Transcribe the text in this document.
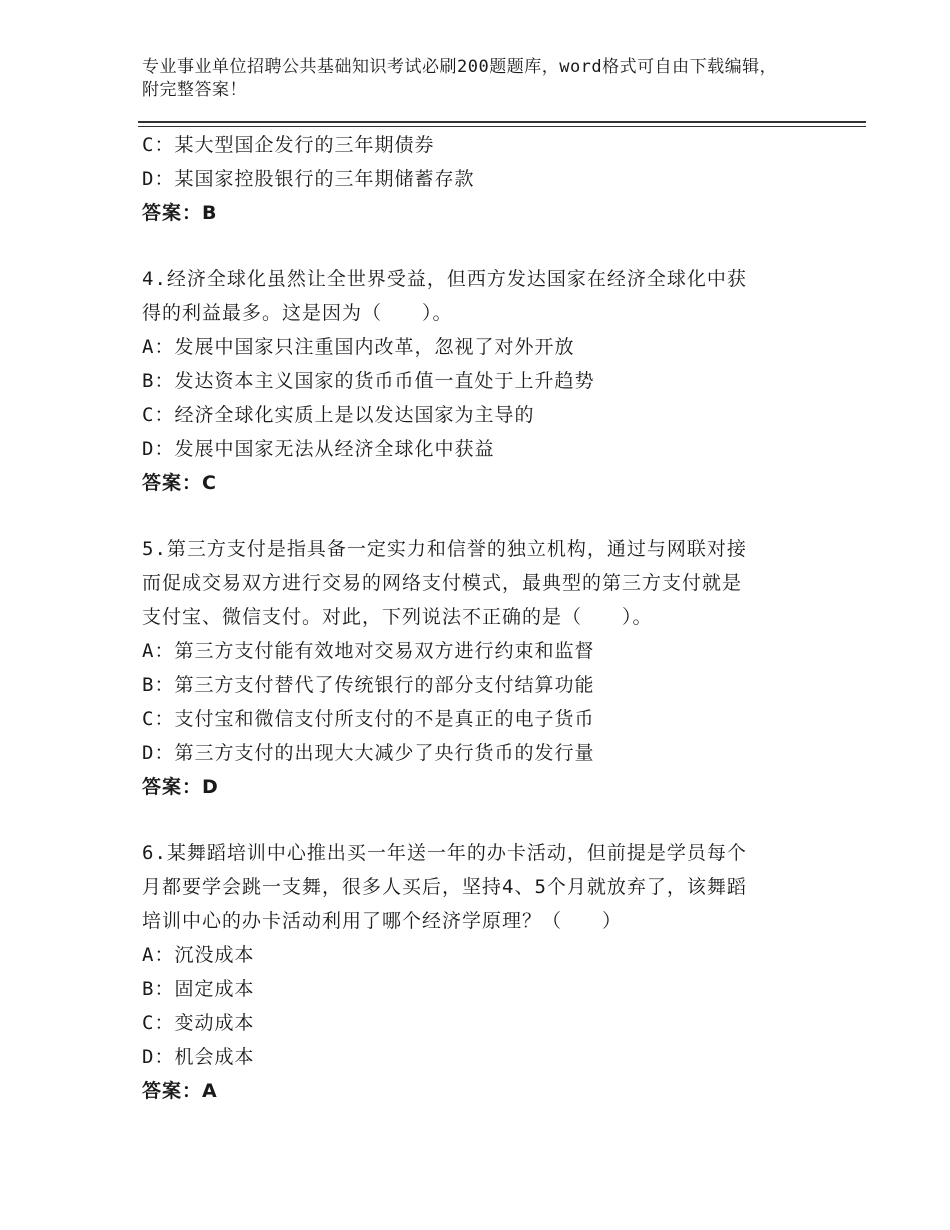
专业事业单位招聘公共基础知识考试必刷200题题库，word格式可自由下载编辑，附完整答案！
C：某大型国企发行的三年期债券
D：某国家控股银行的三年期储蓄存款
答案：B
4.经济全球化虽然让全世界受益，但西方发达国家在经济全球化中获
得的利益最多。这是因为（　　）。
A：发展中国家只注重国内改革，忽视了对外开放
B：发达资本主义国家的货币币值一直处于上升趋势
C：经济全球化实质上是以发达国家为主导的
D：发展中国家无法从经济全球化中获益
答案：C
5.第三方支付是指具备一定实力和信誉的独立机构，通过与网联对接
而促成交易双方进行交易的网络支付模式，最典型的第三方支付就是
支付宝、微信支付。对此，下列说法不正确的是（　　）。
A：第三方支付能有效地对交易双方进行约束和监督
B：第三方支付替代了传统银行的部分支付结算功能
C：支付宝和微信支付所支付的不是真正的电子货币
D：第三方支付的出现大大减少了央行货币的发行量
答案：D
6.某舞蹈培训中心推出买一年送一年的办卡活动，但前提是学员每个
月都要学会跳一支舞，很多人买后，坚持4、5个月就放弃了，该舞蹈
培训中心的办卡活动利用了哪个经济学原理？（　　）
A：沉没成本
B：固定成本
C：变动成本
D：机会成本
答案：A
